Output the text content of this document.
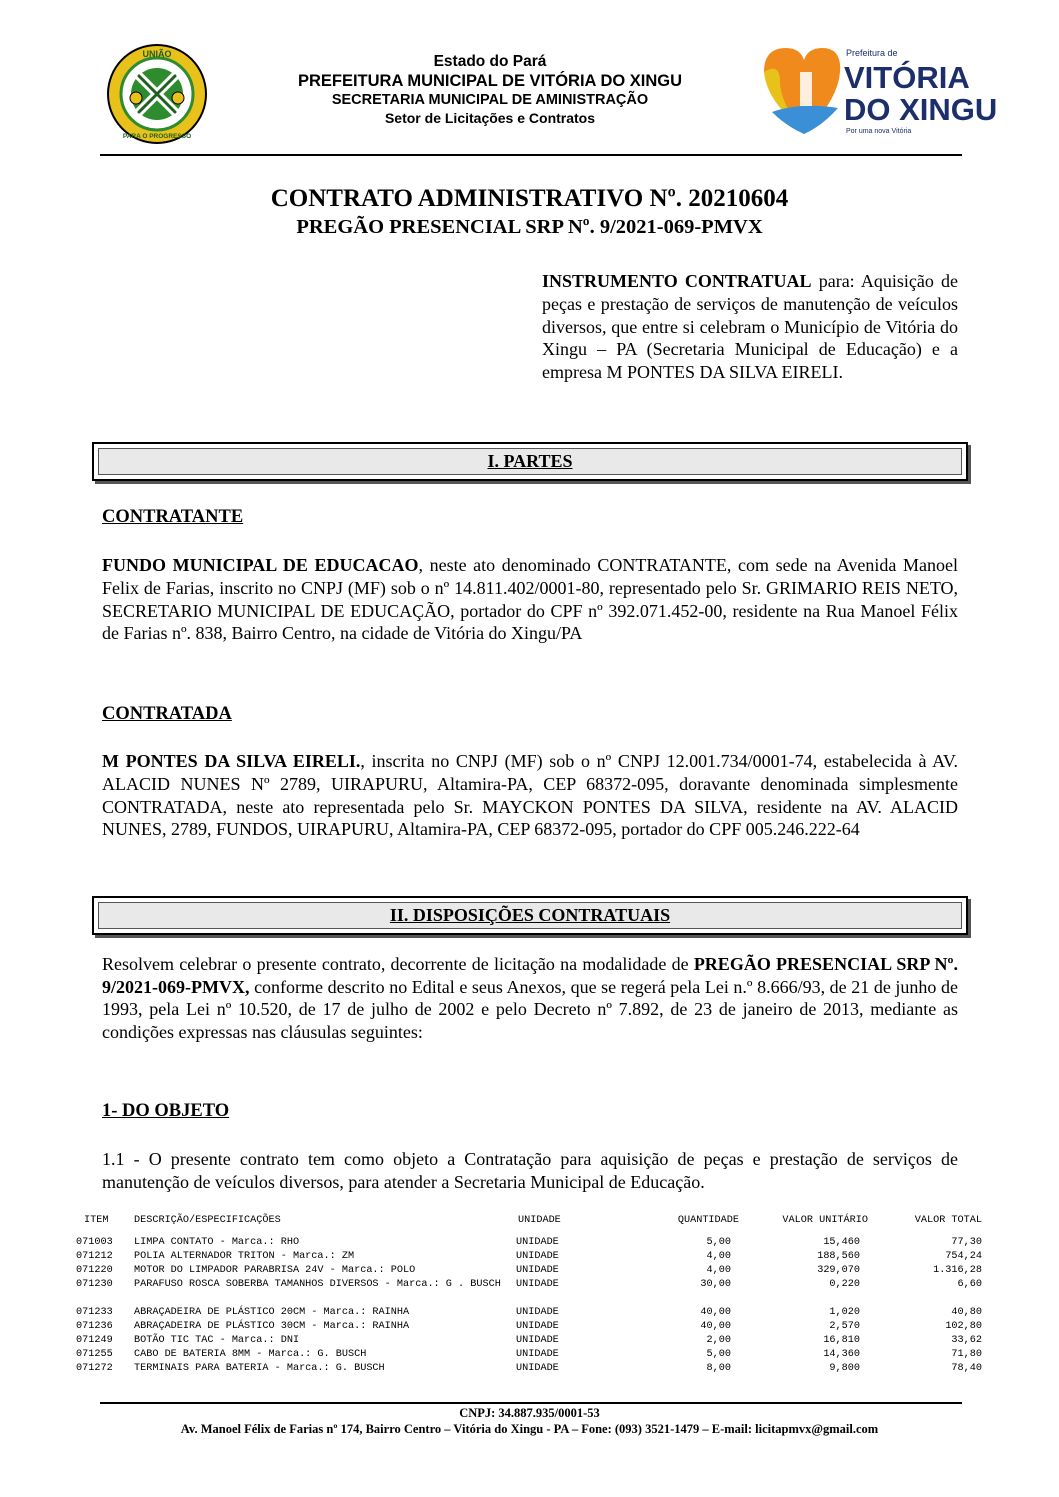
UNIÃO
PARA O PROGRESSO
Estado do Pará
PREFEITURA MUNICIPAL DE VITÓRIA DO XINGU
SECRETARIA MUNICIPAL DE AMINISTRAÇÃO
Setor de Licitações e Contratos
Prefeitura de
VITÓRIA
DO XINGU
Por uma nova Vitória
CONTRATO ADMINISTRATIVO Nº. 20210604
PREGÃO PRESENCIAL SRP Nº. 9/2021-069-PMVX
INSTRUMENTO CONTRATUAL para: Aquisição de peças e prestação de serviços de manutenção de veículos diversos, que entre si celebram o Município de Vitória do Xingu – PA (Secretaria Municipal de Educação) e a empresa M PONTES DA SILVA EIRELI.
I. PARTES
CONTRATANTE
FUNDO MUNICIPAL DE EDUCACAO, neste ato denominado CONTRATANTE, com sede na Avenida Manoel Felix de Farias, inscrito no CNPJ (MF) sob o nº 14.811.402/0001-80, representado pelo Sr. GRIMARIO REIS NETO, SECRETARIO MUNICIPAL DE EDUCAÇÃO, portador do CPF nº 392.071.452-00, residente na Rua Manoel Félix de Farias nº. 838, Bairro Centro, na cidade de Vitória do Xingu/PA
CONTRATADA
M PONTES DA SILVA EIRELI., inscrita no CNPJ (MF) sob o nº CNPJ 12.001.734/0001-74, estabelecida à AV. ALACID NUNES Nº 2789, UIRAPURU, Altamira-PA, CEP 68372-095, doravante denominada simplesmente CONTRATADA, neste ato representada pelo Sr. MAYCKON PONTES DA SILVA, residente na AV. ALACID NUNES, 2789, FUNDOS, UIRAPURU, Altamira-PA, CEP 68372-095, portador do CPF 005.246.222-64
II. DISPOSIÇÕES CONTRATUAIS
Resolvem celebrar o presente contrato, decorrente de licitação na modalidade de PREGÃO PRESENCIAL SRP Nº. 9/2021-069-PMVX, conforme descrito no Edital e seus Anexos, que se regerá pela Lei n.º 8.666/93, de 21 de junho de 1993, pela Lei nº 10.520, de 17 de julho de 2002 e pelo Decreto nº 7.892, de 23 de janeiro de 2013, mediante as condições expressas nas cláusulas seguintes:
1- DO OBJETO
1.1 - O presente contrato tem como objeto a Contratação para aquisição de peças e prestação de serviços de manutenção de veículos diversos, para atender a Secretaria Municipal de Educação.
ITEM	DESCRIÇÃO/ESPECIFICAÇÕES	UNIDADE	QUANTIDADE	VALOR UNITÁRIO	VALOR TOTAL
071003	LIMPA CONTATO - Marca.: RHO	UNIDADE	5,00	15,460	77,30
071212	POLIA ALTERNADOR TRITON - Marca.: ZM	UNIDADE	4,00	188,560	754,24
071220	MOTOR DO LIMPADOR PARABRISA 24V - Marca.: POLO	UNIDADE	4,00	329,070	1.316,28
071230	PARAFUSO ROSCA SOBERBA TAMANHOS DIVERSOS - Marca.: G . BUSCH	UNIDADE	30,00	0,220	6,60
071233	ABRAÇADEIRA DE PLÁSTICO 20CM - Marca.: RAINHA	UNIDADE	40,00	1,020	40,80
071236	ABRAÇADEIRA DE PLÁSTICO 30CM - Marca.: RAINHA	UNIDADE	40,00	2,570	102,80
071249	BOTÃO TIC TAC - Marca.: DNI	UNIDADE	2,00	16,810	33,62
071255	CABO DE BATERIA 8MM - Marca.: G. BUSCH	UNIDADE	5,00	14,360	71,80
071272	TERMINAIS PARA BATERIA - Marca.: G. BUSCH	UNIDADE	8,00	9,800	78,40
CNPJ: 34.887.935/0001-53
Av. Manoel Félix de Farias nº 174, Bairro Centro – Vitória do Xingu - PA – Fone: (093) 3521-1479 – E-mail: licitapmvx@gmail.com
